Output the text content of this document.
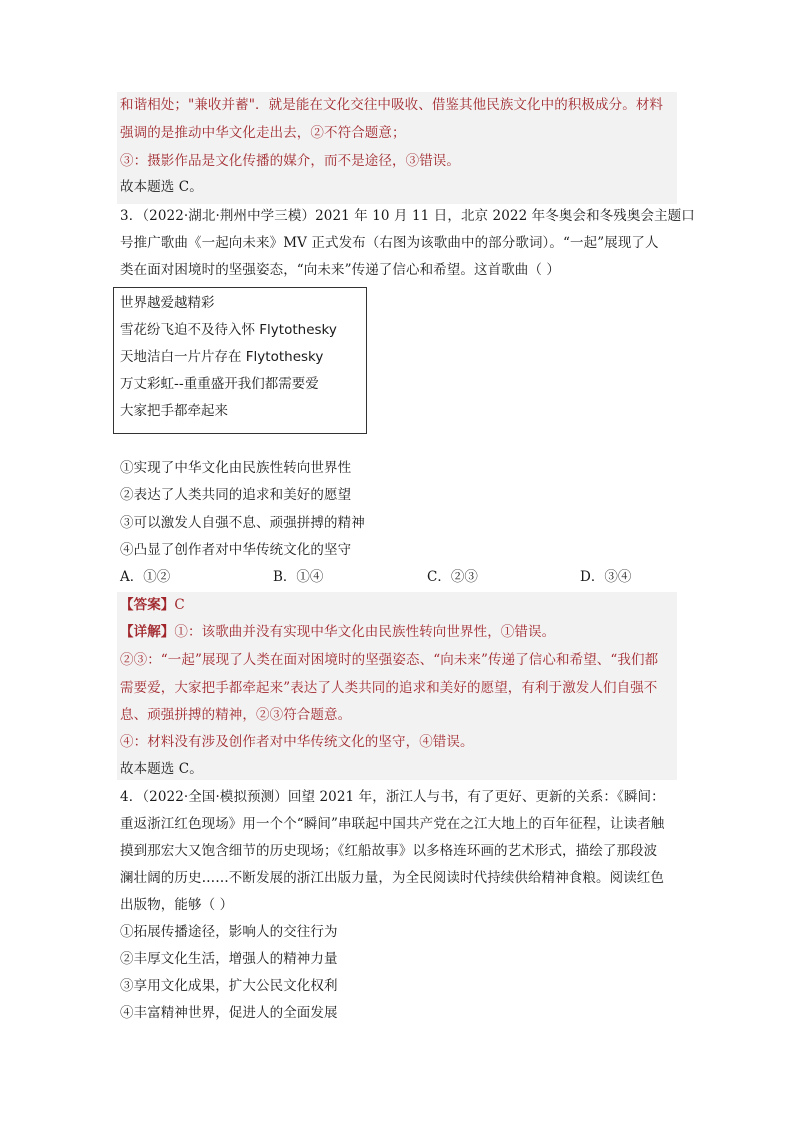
和谐相处；"兼收并蓄"．就是能在文化交往中吸收、借鉴其他民族文化中的积极成分。材料
强调的是推动中华文化走出去，②不符合题意；
③：摄影作品是文化传播的媒介，而不是途径，③错误。
故本题选 C。
3．（2022·湖北·荆州中学三模）2021 年 10 月 11 日，北京 2022 年冬奥会和冬残奥会主题口
号推广歌曲《一起向未来》MV 正式发布（右图为该歌曲中的部分歌词）。“一起”展现了人
类在面对困境时的坚强姿态，“向未来”传递了信心和希望。这首歌曲（ ）
世界越爱越精彩
雪花纷飞迫不及待入怀 Flytothesky
天地洁白一片片存在 Flytothesky
万丈彩虹--重重盛开我们都需要爱
大家把手都牵起来
①实现了中华文化由民族性转向世界性
②表达了人类共同的追求和美好的愿望
③可以激发人自强不息、顽强拼搏的精神
④凸显了创作者对中华传统文化的坚守
A．①②	B．①④	C．②③	D．③④
【答案】C
【详解】①：该歌曲并没有实现中华文化由民族性转向世界性，①错误。
②③：“一起”展现了人类在面对困境时的坚强姿态、“向未来”传递了信心和希望、“我们都
需要爱，大家把手都牵起来”表达了人类共同的追求和美好的愿望，有利于激发人们自强不
息、顽强拼搏的精神，②③符合题意。
④：材料没有涉及创作者对中华传统文化的坚守，④错误。
故本题选 C。
4．（2022·全国·模拟预测）回望 2021 年，浙江人与书，有了更好、更新的关系：《瞬间：
重返浙江红色现场》用一个个“瞬间”串联起中国共产党在之江大地上的百年征程，让读者触
摸到那宏大又饱含细节的历史现场；《红船故事》以多格连环画的艺术形式，描绘了那段波
澜壮阔的历史……不断发展的浙江出版力量，为全民阅读时代持续供给精神食粮。阅读红色
出版物，能够（ ）
①拓展传播途径，影响人的交往行为
②丰厚文化生活，增强人的精神力量
③享用文化成果，扩大公民文化权利
④丰富精神世界，促进人的全面发展
